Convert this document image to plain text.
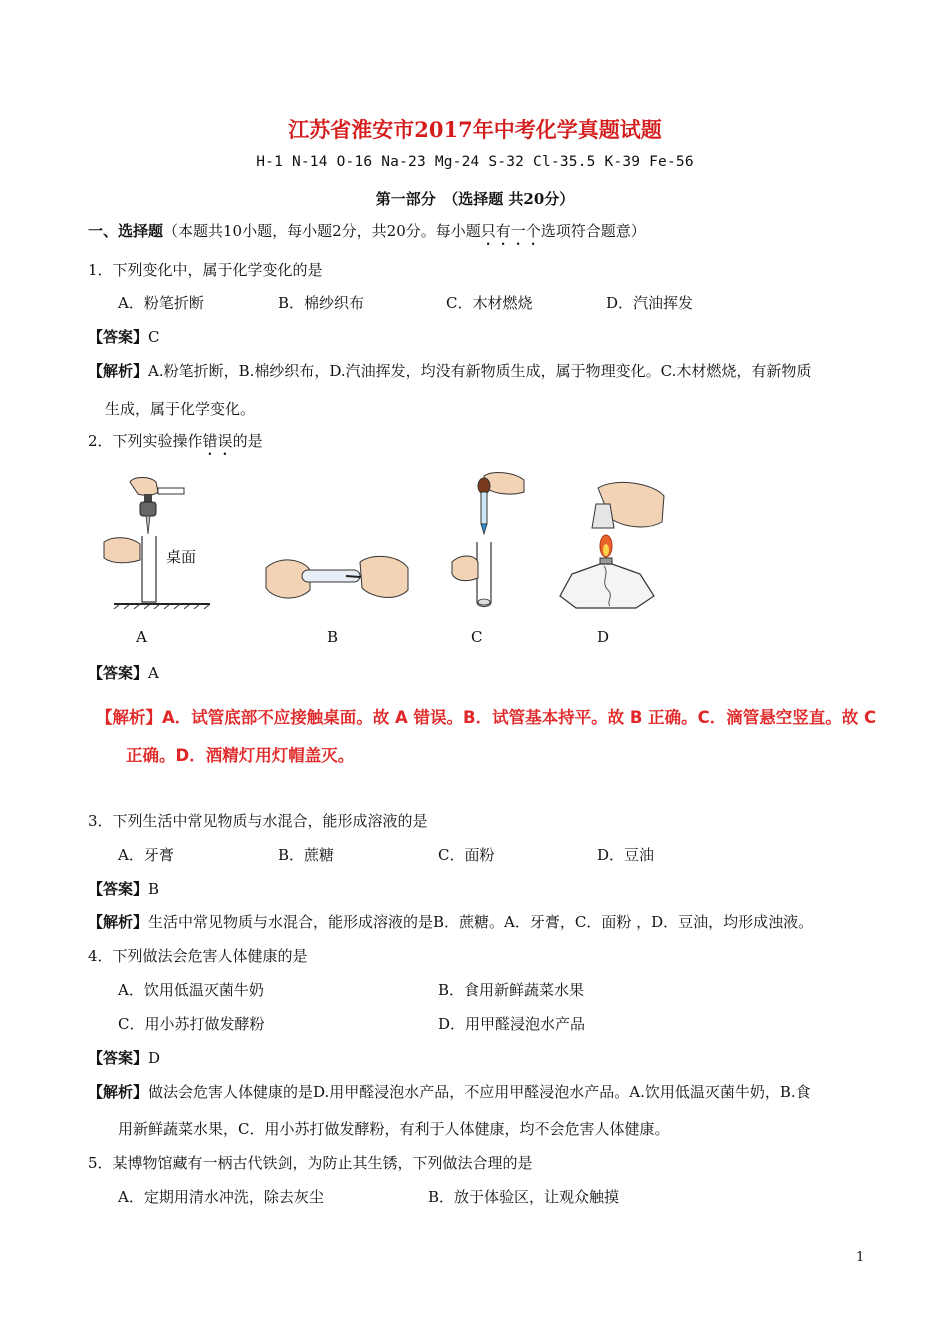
江苏省淮安市2017年中考化学真题试题
H-1 N-14 O-16 Na-23 Mg-24 S-32 Cl-35.5 K-39 Fe-56
第一部分　（选择题 共20分）
一、选择题（本题共10小题，每小题2分，共20分。每小题只有一个选项符合题意）
1．下列变化中，属于化学变化的是
A．粉笔折断	B．棉纱织布	C．木材燃烧	D．汽油挥发
【答案】C
【解析】A.粉笔折断，B.棉纱织布，D.汽油挥发，均没有新物质生成，属于物理变化。C.木材燃烧，有新物质
生成，属于化学变化。
2．下列实验操作错误的是
桌面
A	B	C	D
【答案】A
【解析】A．试管底部不应接触桌面。故 A 错误。B．试管基本持平。故 B 正确。C．滴管悬空竖直。故 C
正确。D．酒精灯用灯帽盖灭。
3．下列生活中常见物质与水混合，能形成溶液的是
A．牙膏	B．蔗糖	C．面粉	D．豆油
【答案】B
【解析】生活中常见物质与水混合，能形成溶液的是B．蔗糖。A．牙膏，C．面粉 ，D．豆油，均形成浊液。
4．下列做法会危害人体健康的是
A．饮用低温灭菌牛奶	B．食用新鲜蔬菜水果
C．用小苏打做发酵粉	D．用甲醛浸泡水产品
【答案】D
【解析】做法会危害人体健康的是D.用甲醛浸泡水产品，不应用甲醛浸泡水产品。A.饮用低温灭菌牛奶，B.食
用新鲜蔬菜水果，C．用小苏打做发酵粉，有利于人体健康，均不会危害人体健康。
5．某博物馆藏有一柄古代铁剑，为防止其生锈，下列做法合理的是
A．定期用清水冲洗，除去灰尘	B．放于体验区，让观众触摸
1
